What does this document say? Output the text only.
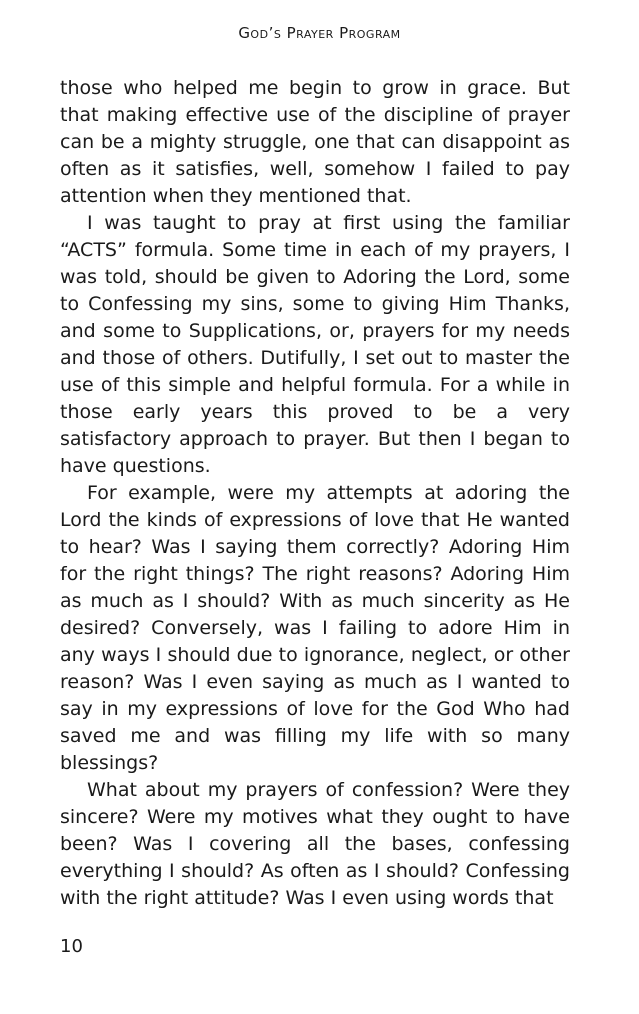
God’s Prayer Program

those who helped me begin to grow in grace. But that making effective use of the discipline of prayer can be a mighty struggle, one that can disappoint as often as it satisfies, well, somehow I failed to pay attention when they mentioned that.

I was taught to pray at first using the familiar “ACTS” formula. Some time in each of my prayers, I was told, should be given to Adoring the Lord, some to Confessing my sins, some to giving Him Thanks, and some to Supplications, or, prayers for my needs and those of others. Dutifully, I set out to master the use of this simple and helpful formula. For a while in those early years this proved to be a very satisfactory approach to prayer. But then I began to have questions.

For example, were my attempts at adoring the Lord the kinds of expressions of love that He wanted to hear? Was I saying them correctly? Adoring Him for the right things? The right reasons? Adoring Him as much as I should? With as much sincerity as He desired? Conversely, was I failing to adore Him in any ways I should due to ignorance, neglect, or other reason? Was I even saying as much as I wanted to say in my expressions of love for the God Who had saved me and was filling my life with so many blessings?

What about my prayers of confession? Were they sincere? Were my motives what they ought to have been? Was I covering all the bases, confessing everything I should? As often as I should? Confessing with the right attitude? Was I even using words that

10
